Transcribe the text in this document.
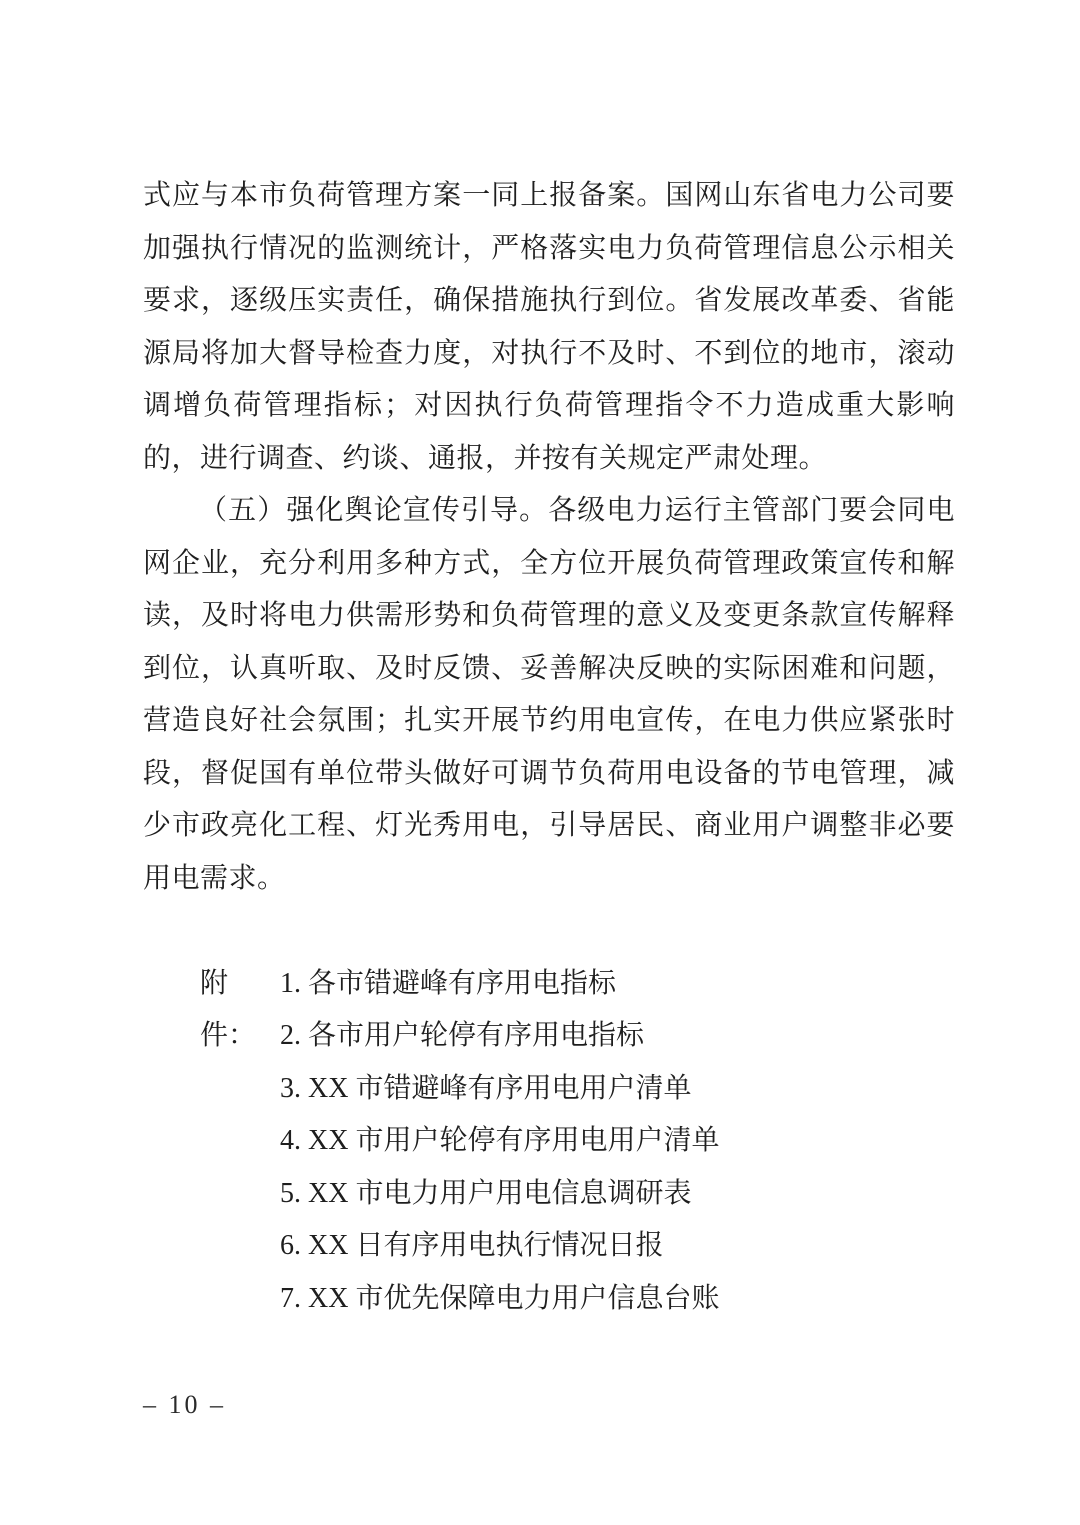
式应与本市负荷管理方案一同上报备案。国网山东省电力公司要
加强执行情况的监测统计，严格落实电力负荷管理信息公示相关
要求，逐级压实责任，确保措施执行到位。省发展改革委、省能
源局将加大督导检查力度，对执行不及时、不到位的地市，滚动
调增负荷管理指标；对因执行负荷管理指令不力造成重大影响
的，进行调查、约谈、通报，并按有关规定严肃处理。
（五）强化舆论宣传引导。各级电力运行主管部门要会同电
网企业，充分利用多种方式，全方位开展负荷管理政策宣传和解
读，及时将电力供需形势和负荷管理的意义及变更条款宣传解释
到位，认真听取、及时反馈、妥善解决反映的实际困难和问题，
营造良好社会氛围；扎实开展节约用电宣传，在电力供应紧张时
段，督促国有单位带头做好可调节负荷用电设备的节电管理，减
少市政亮化工程、灯光秀用电，引导居民、商业用户调整非必要
用电需求。
附件：
1. 各市错避峰有序用电指标
2. 各市用户轮停有序用电指标
3. XX 市错避峰有序用电用户清单
4. XX 市用户轮停有序用电用户清单
5. XX 市电力用户用电信息调研表
6. XX 日有序用电执行情况日报
7. XX 市优先保障电力用户信息台账
– 10 –
